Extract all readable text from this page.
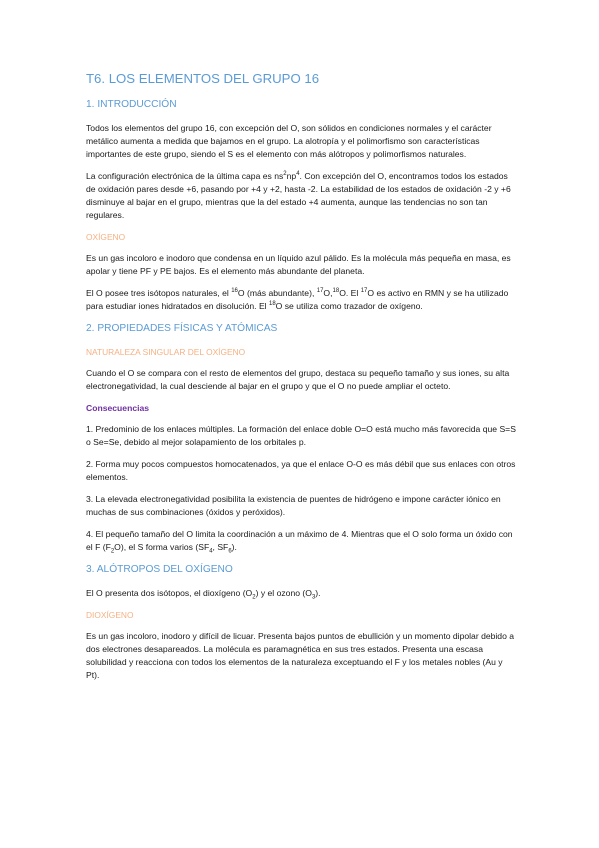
T6. LOS ELEMENTOS DEL GRUPO 16
1. INTRODUCCIÓN

Todos los elementos del grupo 16, con excepción del O, son sólidos en condiciones normales y el carácter metálico aumenta a medida que bajamos en el grupo. La alotropía y el polimorfismo son características importantes de este grupo, siendo el S es el elemento con más alótropos y polimorfismos naturales.

La configuración electrónica de la última capa es $ns^2np^4$. Con excepción del O, encontramos todos los estados de oxidación pares desde +6, pasando por +4 y +2, hasta -2. La estabilidad de los estados de oxidación -2 y +6 disminuye al bajar en el grupo, mientras que la del estado +4 aumenta, aunque las tendencias no son tan regulares.

OXÍGENO

Es un gas incoloro e inodoro que condensa en un líquido azul pálido. Es la molécula más pequeña en masa, es apolar y tiene PF y PE bajos. Es el elemento más abundante del planeta.

El O posee tres isótopos naturales, el $^{16}$O (más abundante), $^{17}$O,$^{18}$O. El $^{17}$O es activo en RMN y se ha utilizado para estudiar iones hidratados en disolución. El $^{18}$O se utiliza como trazador de oxígeno.

2. PROPIEDADES FÍSICAS Y ATÓMICAS
NATURALEZA SINGULAR DEL OXÍGENO

Cuando el O se compara con el resto de elementos del grupo, destaca su pequeño tamaño y sus iones, su alta electronegatividad, la cual desciende al bajar en el grupo y que el O no puede ampliar el octeto.

Consecuencias

1. Predominio de los enlaces múltiples. La formación del enlace doble O=O está mucho más favorecida que S=S o Se=Se, debido al mejor solapamiento de los orbitales p.

2. Forma muy pocos compuestos homocatenados, ya que el enlace O-O es más débil que sus enlaces con otros elementos.

3. La elevada electronegatividad posibilita la existencia de puentes de hidrógeno e impone carácter iónico en muchas de sus combinaciones (óxidos y peróxidos).

4. El pequeño tamaño del O limita la coordinación a un máximo de 4. Mientras que el O solo forma un óxido con el F $(F_2O)$, el S forma varios ($SF_4$, $SF_6$).

3. ALÓTROPOS DEL OXÍGENO

El O presenta dos isótopos, el dioxígeno $(O_2)$ y el ozono $(O_3)$.

DIOXÍGENO

Es un gas incoloro, inodoro y difícil de licuar. Presenta bajos puntos de ebullición y un momento dipolar debido a dos electrones desapareados. La molécula es paramagnética en sus tres estados. Presenta una escasa solubilidad y reacciona con todos los elementos de la naturaleza exceptuando el F y los metales nobles (Au y Pt).
